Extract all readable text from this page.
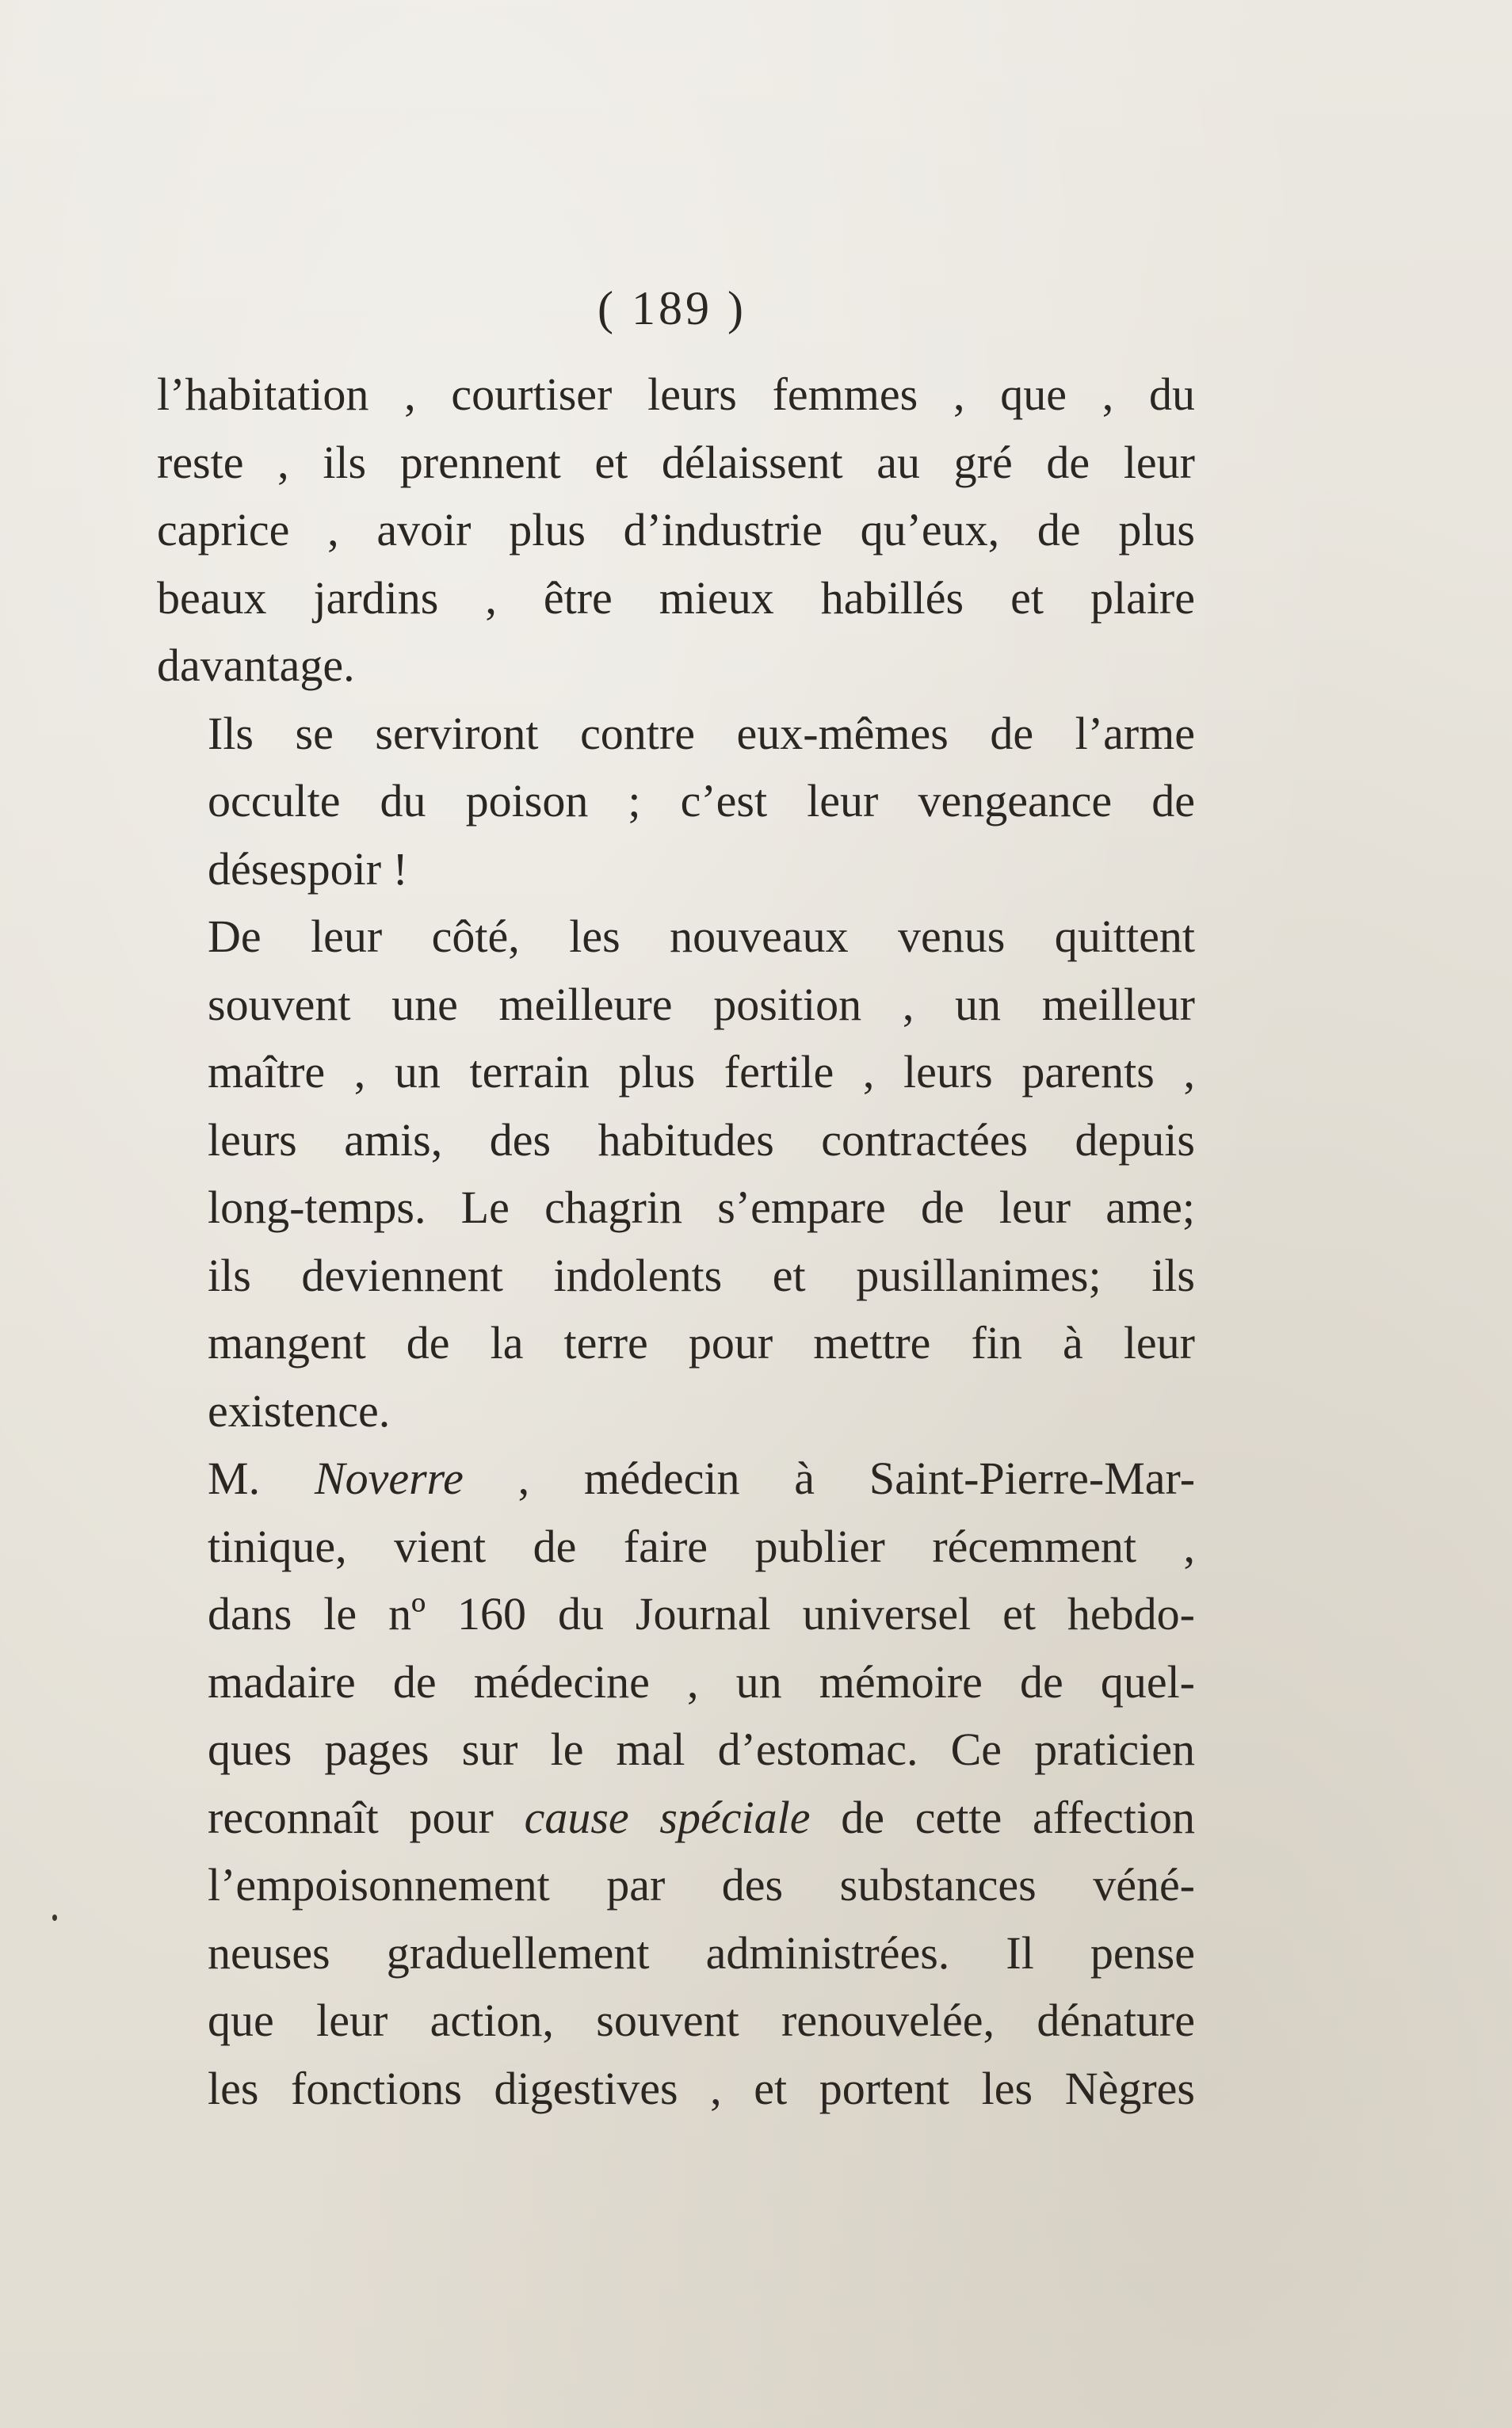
( 189 )

l’habitation , courtiser leurs femmes , que , du
reste , ils prennent et délaissent au gré de leur
caprice , avoir plus d’industrie qu’eux, de plus
beaux jardins , être mieux habillés et plaire
davantage.

Ils se serviront contre eux-mêmes de l’arme
occulte du poison ; c’est leur vengeance de
désespoir !

De leur côté, les nouveaux venus quittent
souvent une meilleure position , un meilleur
maître , un terrain plus fertile , leurs parents ,
leurs amis, des habitudes contractées depuis
long-temps. Le chagrin s’empare de leur ame;
ils deviennent indolents et pusillanimes; ils
mangent de la terre pour mettre fin à leur
existence.

M. Noverre , médecin à Saint-Pierre-Mar-
tinique, vient de faire publier récemment ,
dans le nº 160 du Journal universel et hebdo-
madaire de médecine , un mémoire de quel-
ques pages sur le mal d’estomac. Ce praticien
reconnaît pour cause spéciale de cette affection
l’empoisonnement par des substances véné-
neuses graduellement administrées. Il pense
que leur action, souvent renouvelée, dénature
les fonctions digestives , et portent les Nègres
